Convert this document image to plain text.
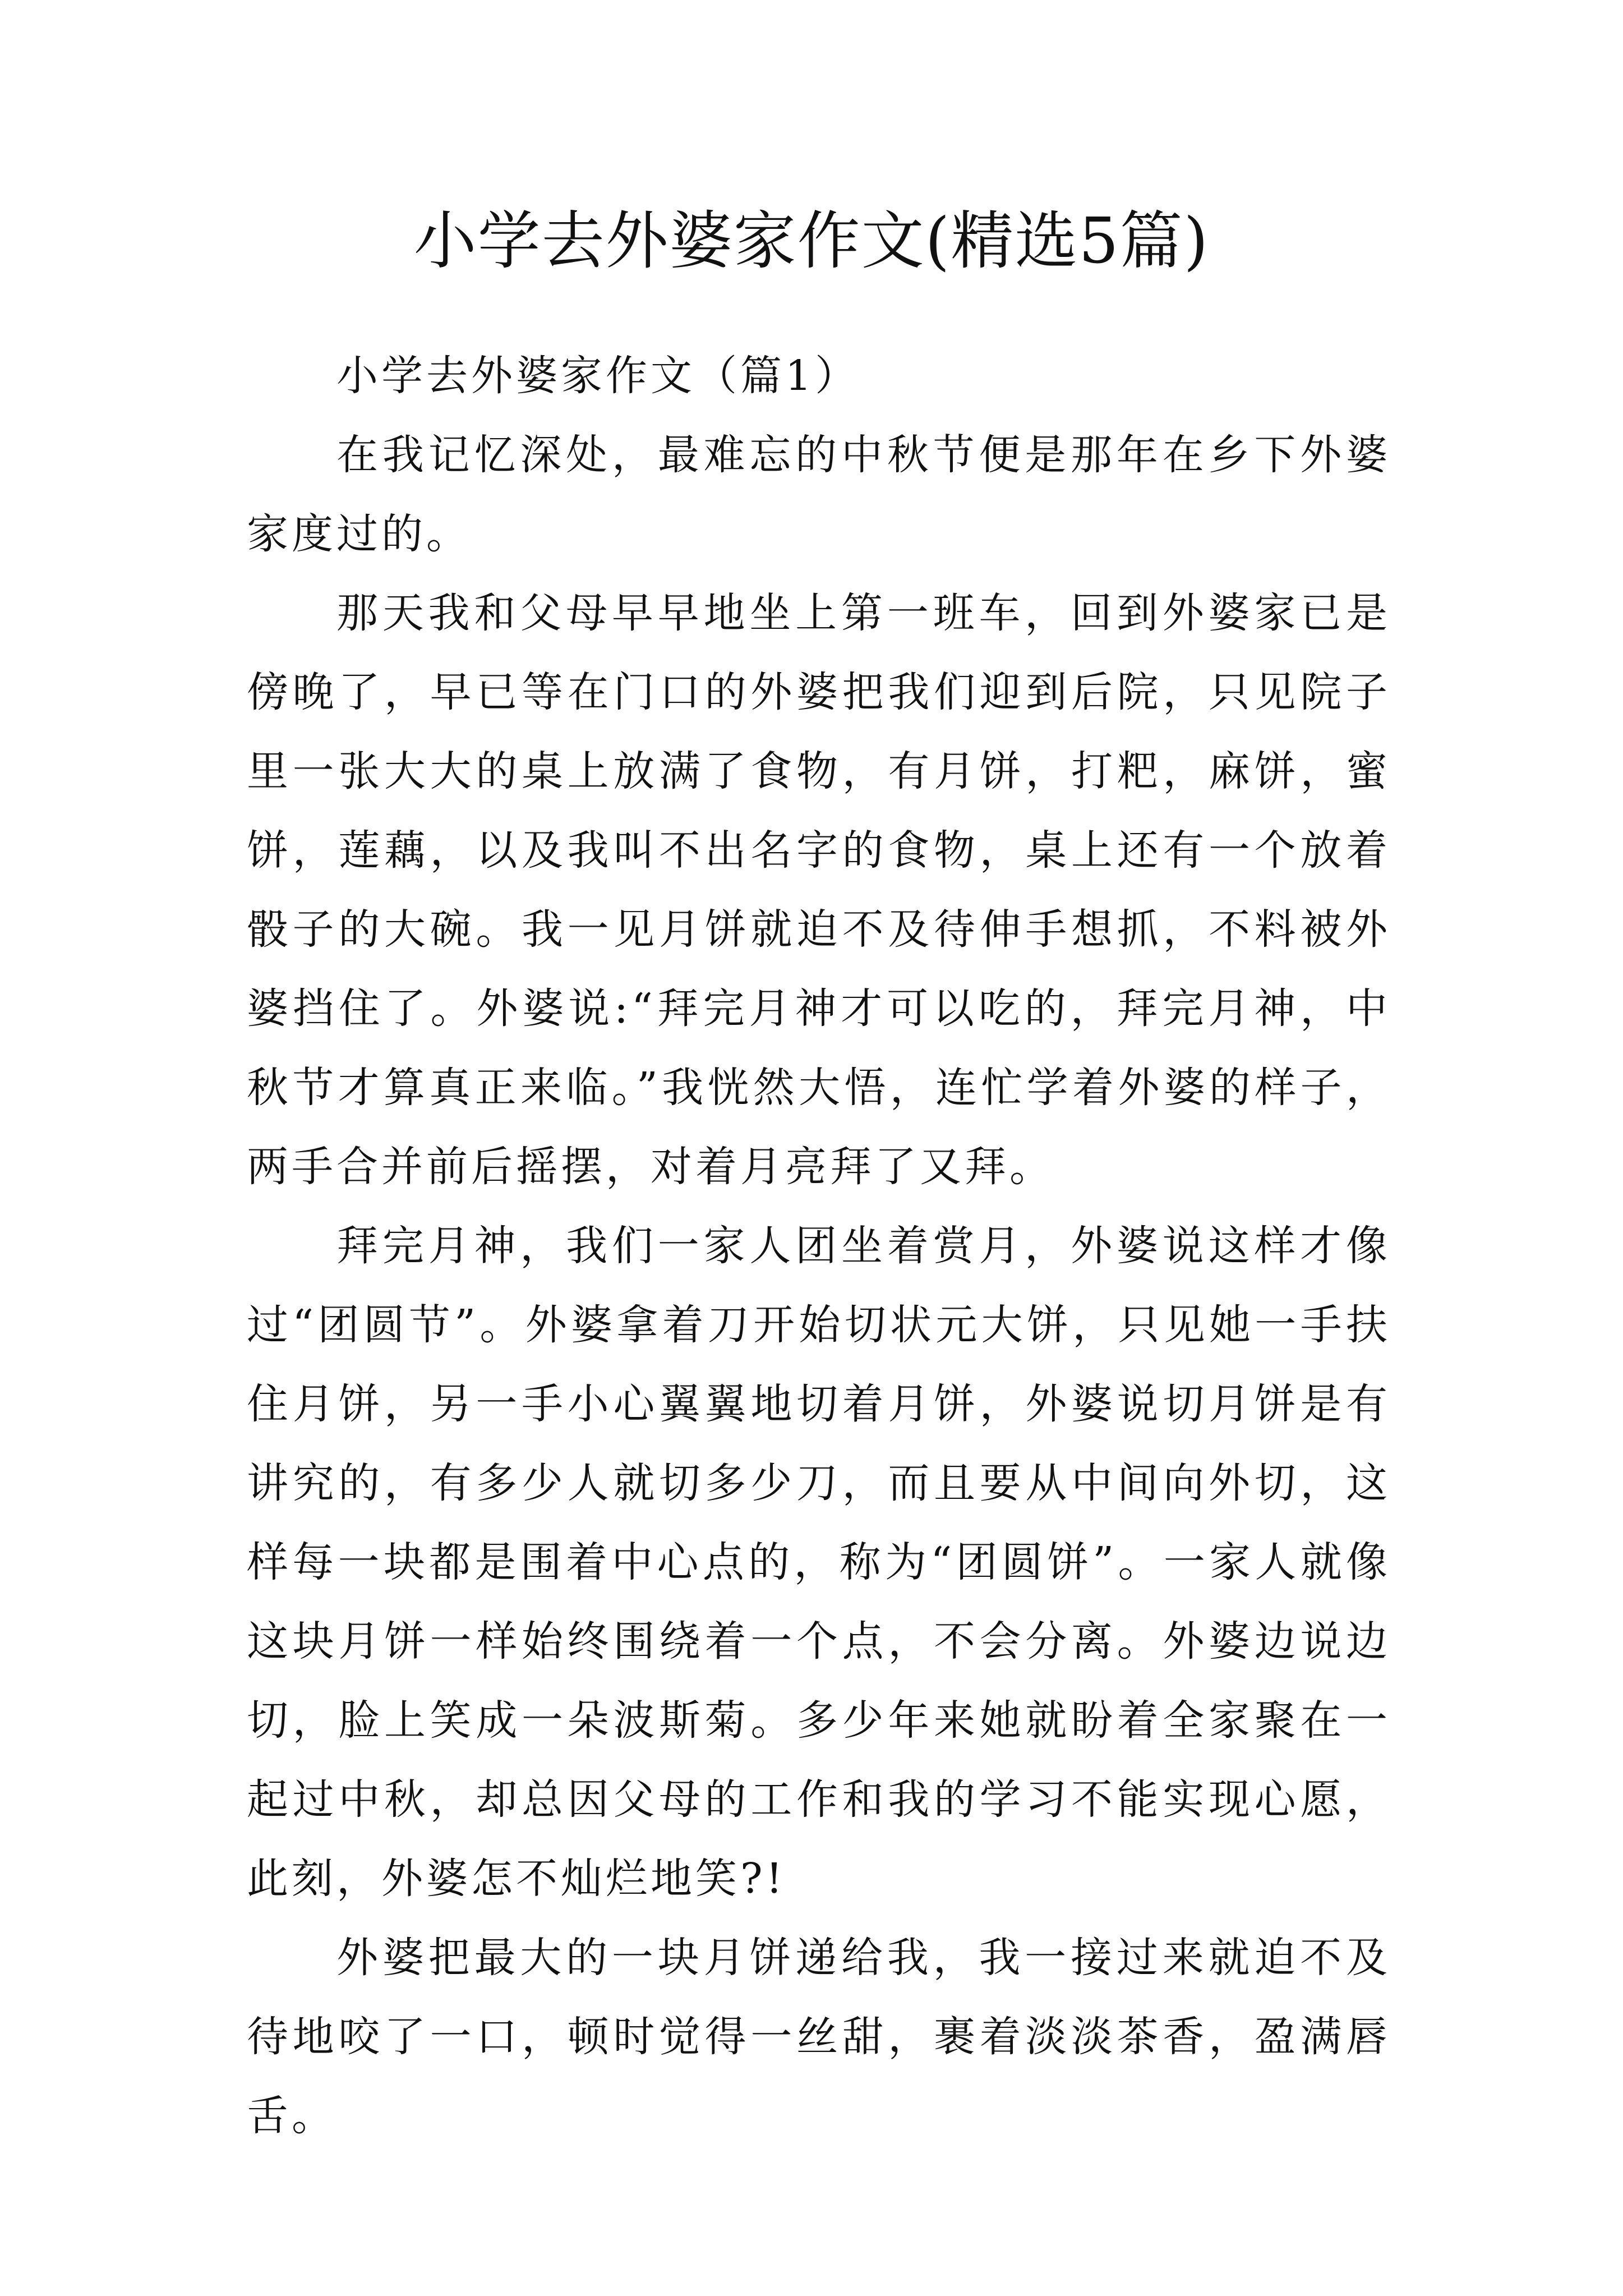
小学去外婆家作文(精选5篇)

小学去外婆家作文（篇1）

在我记忆深处，最难忘的中秋节便是那年在乡下外婆家度过的。

那天我和父母早早地坐上第一班车，回到外婆家已是傍晚了，早已等在门口的外婆把我们迎到后院，只见院子里一张大大的桌上放满了食物，有月饼，打粑，麻饼，蜜饼，莲藕，以及我叫不出名字的食物，桌上还有一个放着骰子的大碗。我一见月饼就迫不及待伸手想抓，不料被外婆挡住了。外婆说:“拜完月神才可以吃的，拜完月神，中秋节才算真正来临。”我恍然大悟，连忙学着外婆的样子，两手合并前后摇摆，对着月亮拜了又拜。

拜完月神，我们一家人团坐着赏月，外婆说这样才像过“团圆节”。外婆拿着刀开始切状元大饼，只见她一手扶住月饼，另一手小心翼翼地切着月饼，外婆说切月饼是有讲究的，有多少人就切多少刀，而且要从中间向外切，这样每一块都是围着中心点的，称为“团圆饼”。一家人就像这块月饼一样始终围绕着一个点，不会分离。外婆边说边切，脸上笑成一朵波斯菊。多少年来她就盼着全家聚在一起过中秋，却总因父母的工作和我的学习不能实现心愿，此刻，外婆怎不灿烂地笑?!

外婆把最大的一块月饼递给我，我一接过来就迫不及待地咬了一口，顿时觉得一丝甜，裹着淡淡茶香，盈满唇舌。
